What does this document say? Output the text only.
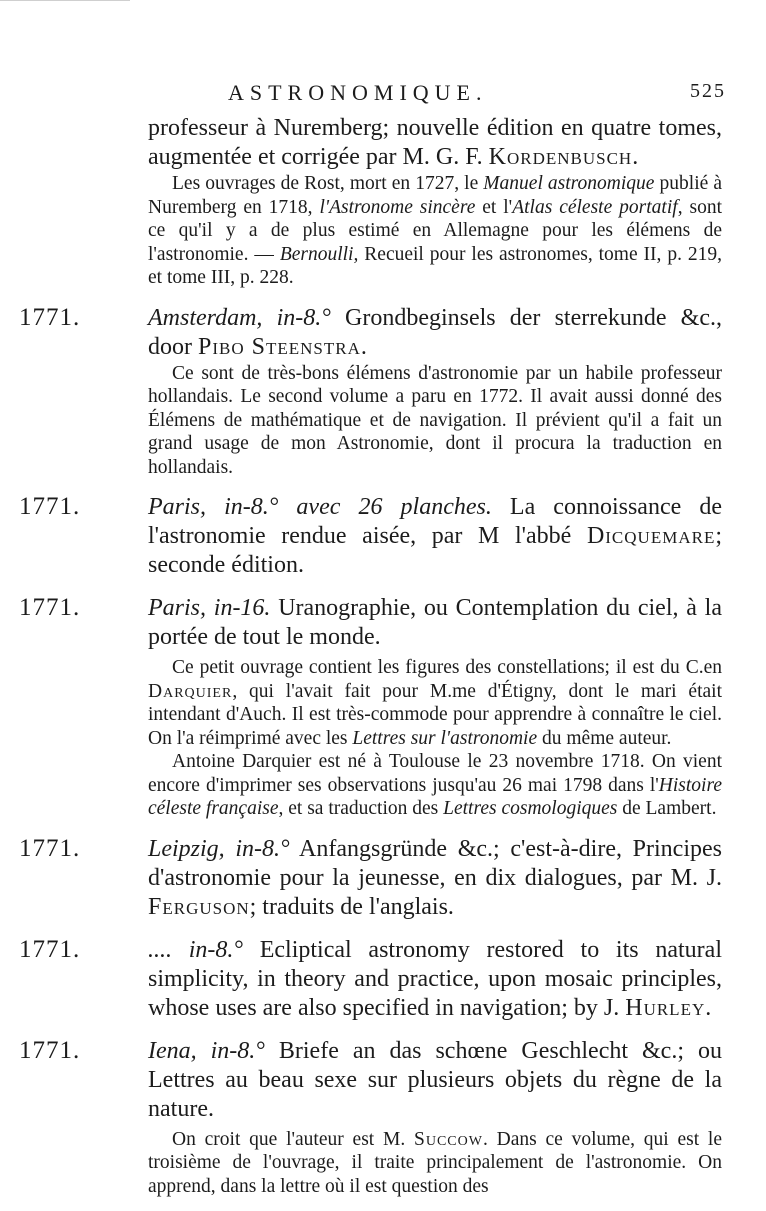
ASTRONOMIQUE.	525
professeur à Nuremberg; nouvelle édition en quatre tomes, augmentée et corrigée par M. G. F. Kordenbusch.
Les ouvrages de Rost, mort en 1727, le Manuel astronomique publié à Nuremberg en 1718, l'Astronome sincère et l'Atlas céleste portatif, sont ce qu'il y a de plus estimé en Allemagne pour les élémens de l'astronomie. — Bernoulli, Recueil pour les astronomes, tome II, p. 219, et tome III, p. 228.
1771.	Amsterdam, in-8.° Grondbeginsels der sterrekunde &c., door Pibo Steenstra.
Ce sont de très-bons élémens d'astronomie par un habile professeur hollandais. Le second volume a paru en 1772. Il avait aussi donné des Élémens de mathématique et de navigation. Il prévient qu'il a fait un grand usage de mon Astronomie, dont il procura la traduction en hollandais.
1771.	Paris, in-8.° avec 26 planches. La connoissance de l'astronomie rendue aisée, par M l'abbé Dicquemare; seconde édition.
1771.	Paris, in-16. Uranographie, ou Contemplation du ciel, à la portée de tout le monde.
Ce petit ouvrage contient les figures des constellations; il est du C.en Darquier, qui l'avait fait pour M.me d'Étigny, dont le mari était intendant d'Auch. Il est très-commode pour apprendre à connaître le ciel. On l'a réimprimé avec les Lettres sur l'astronomie du même auteur.
Antoine Darquier est né à Toulouse le 23 novembre 1718. On vient encore d'imprimer ses observations jusqu'au 26 mai 1798 dans l'Histoire céleste française, et sa traduction des Lettres cosmologiques de Lambert.
1771.	Leipzig, in-8.° Anfangsgründe &c.; c'est-à-dire, Principes d'astronomie pour la jeunesse, en dix dialogues, par M. J. Ferguson; traduits de l'anglais.
1771.	.... in-8.° Ecliptical astronomy restored to its natural simplicity, in theory and practice, upon mosaic principles, whose uses are also specified in navigation; by J. Hurley.
1771.	Iena, in-8.° Briefe an das schœne Geschlecht &c.; ou Lettres au beau sexe sur plusieurs objets du règne de la nature.
On croit que l'auteur est M. Succow. Dans ce volume, qui est le troisième de l'ouvrage, il traite principalement de l'astronomie. On apprend, dans la lettre où il est question des
